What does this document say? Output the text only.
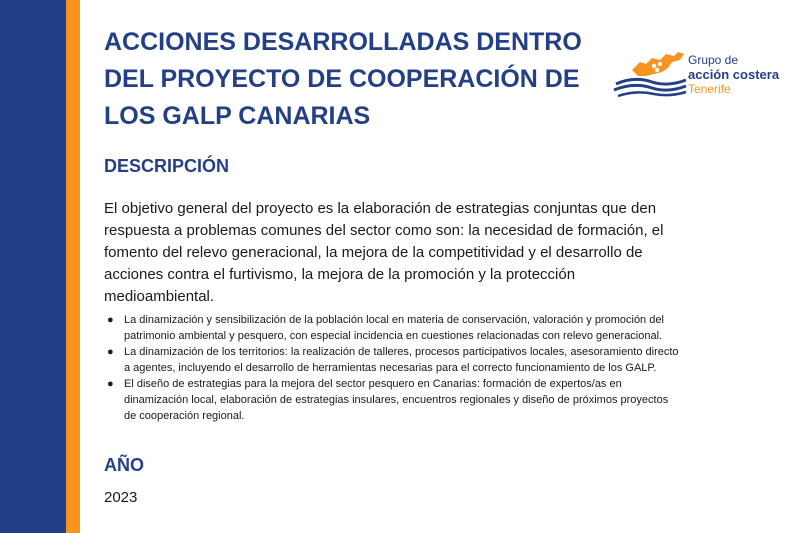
ACCIONES DESARROLLADAS DENTRO
DEL PROYECTO DE COOPERACIÓN DE
LOS GALP CANARIAS
Grupo de
acción costera
Tenerife
DESCRIPCIÓN

El objetivo general del proyecto es la elaboración de estrategias conjuntas que den
respuesta a problemas comunes del sector como son: la necesidad de formación, el
fomento del relevo generacional, la mejora de la competitividad y el desarrollo de
acciones contra el furtivismo, la mejora de la promoción y la protección
medioambiental.

● La dinamización y sensibilización de la población local en materia de conservación, valoración y promoción del
patrimonio ambiental y pesquero, con especial incidencia en cuestiones relacionadas con relevo generacional.
● La dinamización de los territorios: la realización de talleres, procesos participativos locales, asesoramiento directo
a agentes, incluyendo el desarrollo de herramientas necesarias para el correcto funcionamiento de los GALP.
● El diseño de estrategias para la mejora del sector pesquero en Canarias: formación de expertos/as en
dinamización local, elaboración de estrategias insulares, encuentros regionales y diseño de próximos proyectos
de cooperación regional.
AÑO

2023
